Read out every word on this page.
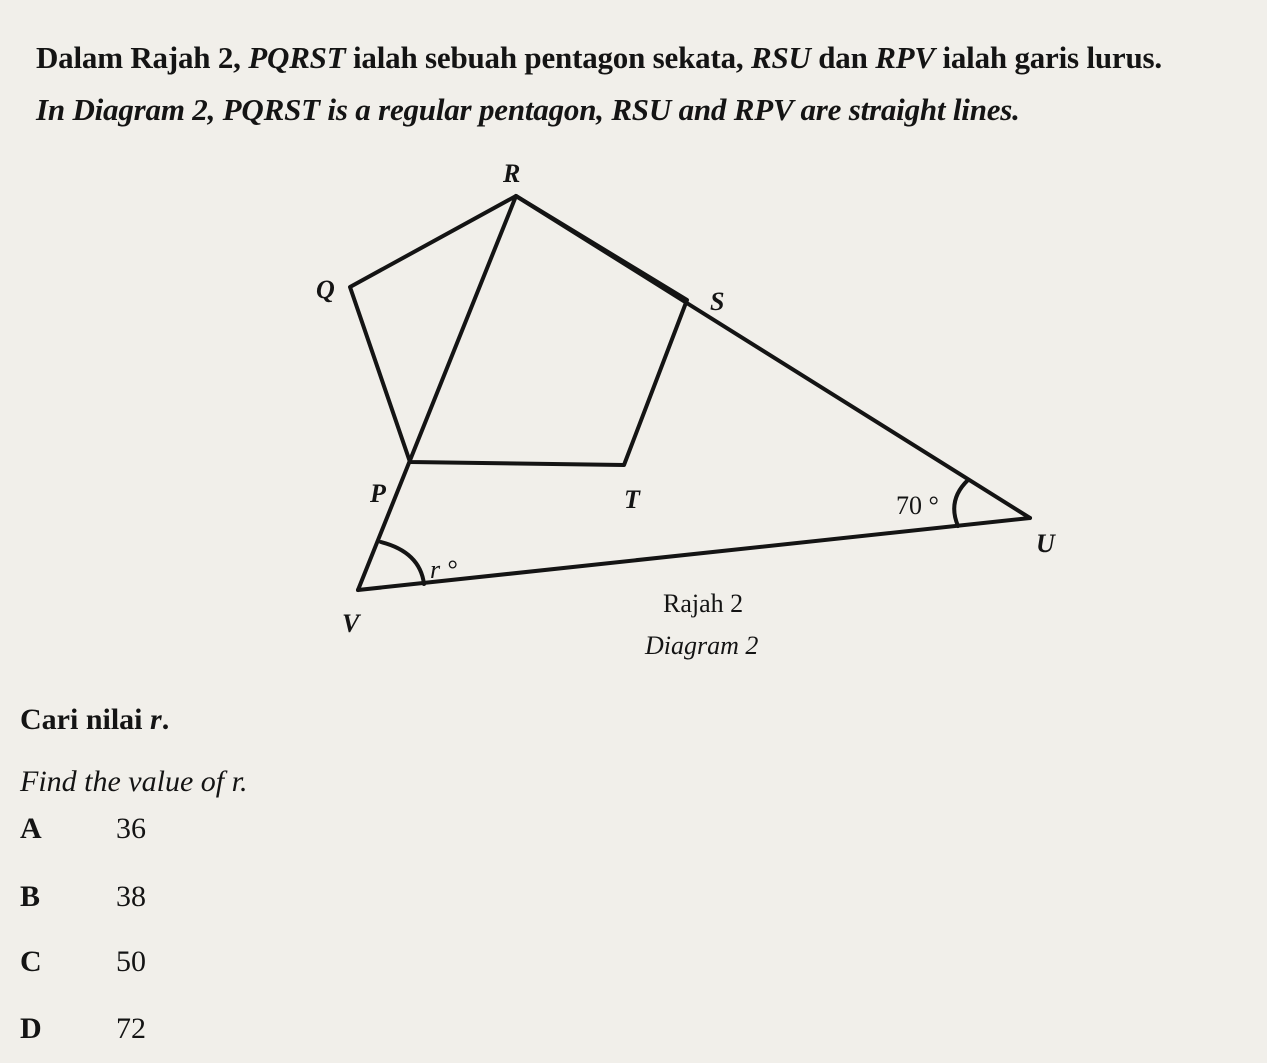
Dalam Rajah 2, PQRST ialah sebuah pentagon sekata, RSU dan RPV ialah garis lurus.
In Diagram 2, PQRST is a regular pentagon, RSU and RPV are straight lines.
R
Q	S
P	T
U
V
70 °
r °
Rajah 2
Diagram 2
Cari nilai r.
Find the value of r.
A 36
B	38
C 50
D 72
